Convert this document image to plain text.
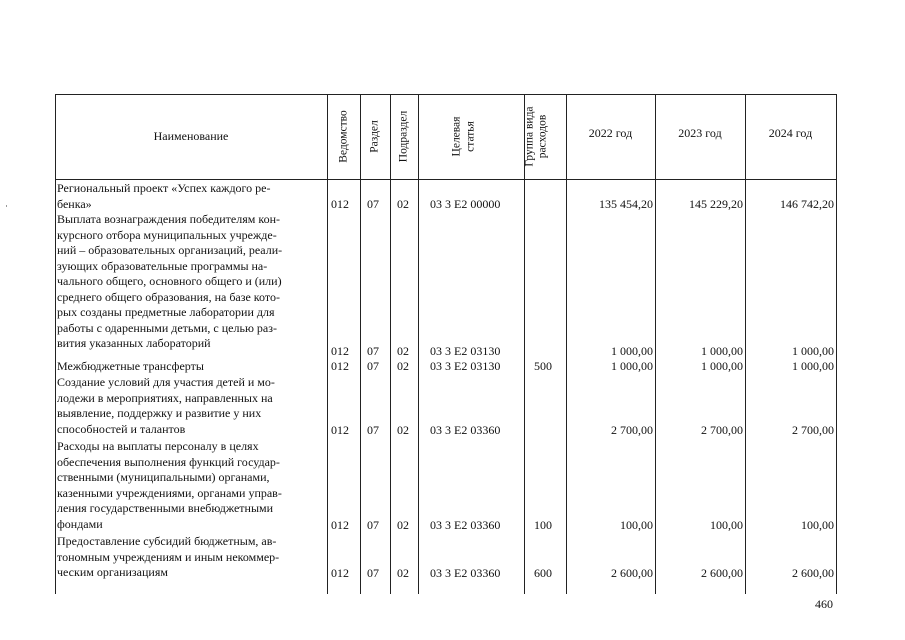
Наименование	Ведомство Раздел Подраздел	Целевая статья	Группа вида расходов	2022 год	2023 год	2024 год
Региональный проект «Успех каждого ре-
бенка»	012 07 02 03 3 E2 00000	135 454,20	145 229,20	146 742,20
Выплата вознаграждения победителям кон-
курсного отбора муниципальных учрежде-
ний – образовательных организаций, реали-
зующих образовательные программы на-
чального общего, основного общего и (или)
среднего общего образования, на базе кото-
рых созданы предметные лаборатории для
работы с одаренными детьми, с целью раз-
вития указанных лабораторий
012 07 02 03 3 E2 03130	1 000,00	1 000,00	1 000,00
Межбюджетные трансферты	012 07 02 03 3 E2 03130	500	1 000,00	1 000,00	1 000,00
Создание условий для участия детей и мо-
лодежи в мероприятиях, направленных на
выявление, поддержку и развитие у них
способностей и талантов	012 07 02 03 3 E2 03360	2 700,00	2 700,00	2 700,00
Расходы на выплаты персоналу в целях
обеспечения выполнения функций государ-
ственными (муниципальными) органами,
казенными учреждениями, органами управ-
ления государственными внебюджетными
фондами	012 07 02 03 3 E2 03360	100	100,00	100,00	100,00
Предоставление субсидий бюджетным, ав-
тономным учреждениям и иным некоммер-
ческим организациям	012 07 02 03 3 E2 03360	600	2 600,00	2 600,00	2 600,00
460
